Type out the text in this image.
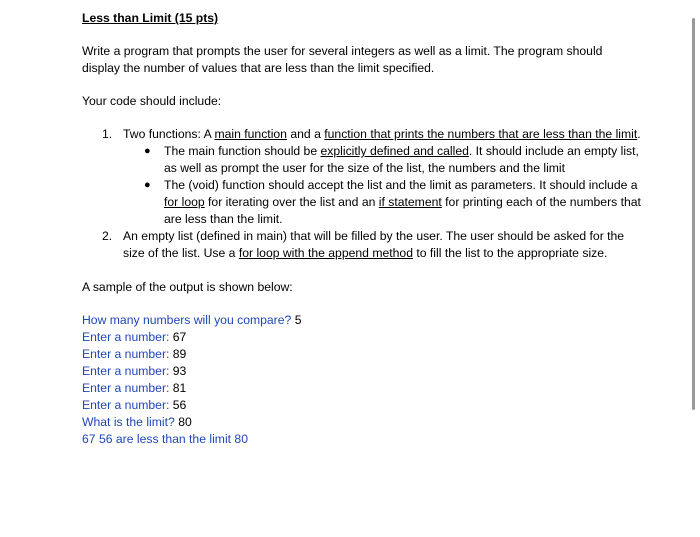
Less than Limit (15 pts)

Write a program that prompts the user for several integers as well as a limit. The program should display the number of values that are less than the limit specified.

Your code should include:

1. Two functions: A main function and a function that prints the numbers that are less than the limit.
● The main function should be explicitly defined and called. It should include an empty list, as well as prompt the user for the size of the list, the numbers and the limit
● The (void) function should accept the list and the limit as parameters. It should include a for loop for iterating over the list and an if statement for printing each of the numbers that are less than the limit.
2. An empty list (defined in main) that will be filled by the user. The user should be asked for the size of the list. Use a for loop with the append method to fill the list to the appropriate size.

A sample of the output is shown below:

How many numbers will you compare? 5

Enter a number: 67

Enter a number: 89

Enter a number: 93

Enter a number: 81

Enter a number: 56

What is the limit? 80

67 56 are less than the limit 80
